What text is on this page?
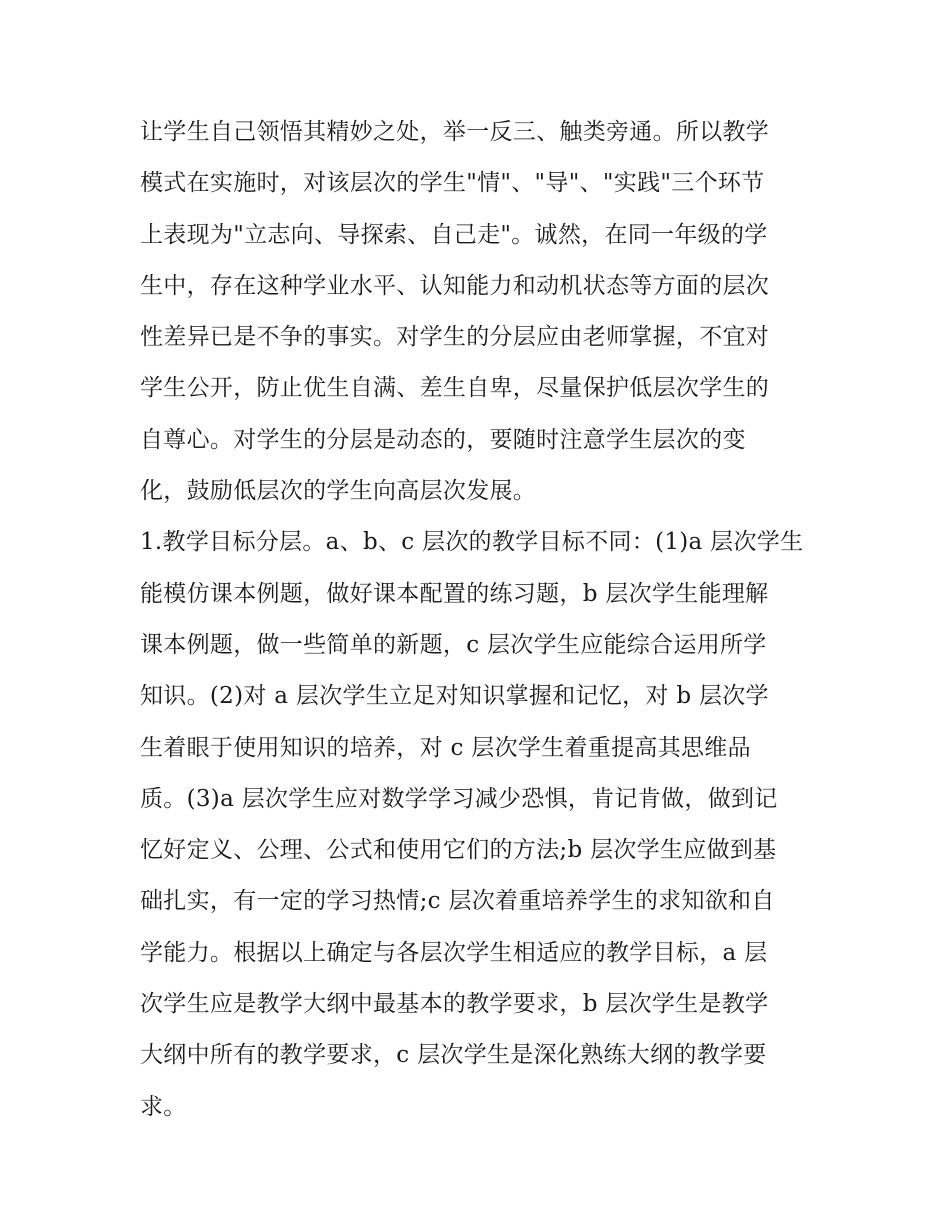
让学生自己领悟其精妙之处，举一反三、触类旁通。所以教学
模式在实施时，对该层次的学生"情"、"导"、"实践"三个环节
上表现为"立志向、导探索、自己走"。诚然，在同一年级的学
生中，存在这种学业水平、认知能力和动机状态等方面的层次
性差异已是不争的事实。对学生的分层应由老师掌握，不宜对
学生公开，防止优生自满、差生自卑，尽量保护低层次学生的
自尊心。对学生的分层是动态的，要随时注意学生层次的变
化，鼓励低层次的学生向高层次发展。
1.教学目标分层。a、b、c 层次的教学目标不同：(1)a 层次学生
能模仿课本例题，做好课本配置的练习题，b 层次学生能理解
课本例题，做一些简单的新题，c 层次学生应能综合运用所学
知识。(2)对 a 层次学生立足对知识掌握和记忆，对 b 层次学
生着眼于使用知识的培养，对 c 层次学生着重提高其思维品
质。(3)a 层次学生应对数学学习减少恐惧，肯记肯做，做到记
忆好定义、公理、公式和使用它们的方法;b 层次学生应做到基
础扎实，有一定的学习热情;c 层次着重培养学生的求知欲和自
学能力。根据以上确定与各层次学生相适应的教学目标，a 层
次学生应是教学大纲中最基本的教学要求，b 层次学生是教学
大纲中所有的教学要求，c 层次学生是深化熟练大纲的教学要
求。
